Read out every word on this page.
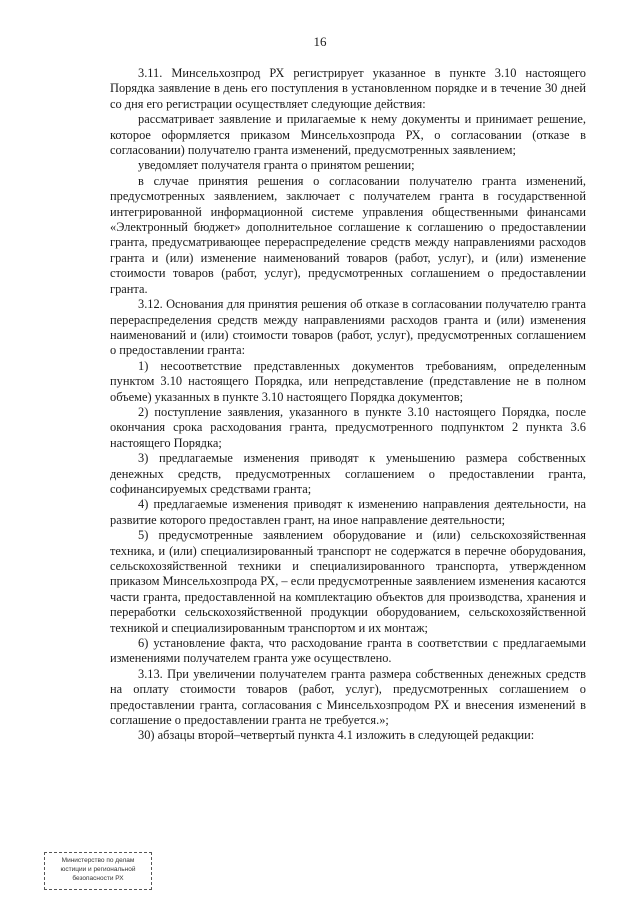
16

3.11. Минсельхозпрод РХ регистрирует указанное в пункте 3.10 настоящего Порядка заявление в день его поступления в установленном порядке и в течение 30 дней со дня его регистрации осуществляет следующие действия:

рассматривает заявление и прилагаемые к нему документы и принимает решение, которое оформляется приказом Минсельхозпрода РХ, о согласовании (отказе в согласовании) получателю гранта изменений, предусмотренных заявлением;

уведомляет получателя гранта о принятом решении;

в случае принятия решения о согласовании получателю гранта изменений, предусмотренных заявлением, заключает с получателем гранта в государственной интегрированной информационной системе управления общественными финансами «Электронный бюджет» дополнительное соглашение к соглашению о предоставлении гранта, предусматривающее перераспределение средств между направлениями расходов гранта и (или) изменение наименований товаров (работ, услуг), и (или) изменение стоимости товаров (работ, услуг), предусмотренных соглашением о предоставлении гранта.

3.12. Основания для принятия решения об отказе в согласовании получателю гранта перераспределения средств между направлениями расходов гранта и (или) изменения наименований и (или) стоимости товаров (работ, услуг), предусмотренных соглашением о предоставлении гранта:

1) несоответствие представленных документов требованиям, определенным пунктом 3.10 настоящего Порядка, или непредставление (представление не в полном объеме) указанных в пункте 3.10 настоящего Порядка документов;

2) поступление заявления, указанного в пункте 3.10 настоящего Порядка, после окончания срока расходования гранта, предусмотренного подпунктом 2 пункта 3.6 настоящего Порядка;

3) предлагаемые изменения приводят к уменьшению размера собственных денежных средств, предусмотренных соглашением о предоставлении гранта, софинансируемых средствами гранта;

4) предлагаемые изменения приводят к изменению направления деятельности, на развитие которого предоставлен грант, на иное направление деятельности;

5) предусмотренные заявлением оборудование и (или) сельскохозяйственная техника, и (или) специализированный транспорт не содержатся в перечне оборудования, сельскохозяйственной техники и специализированного транспорта, утвержденном приказом Минсельхозпрода РХ, – если предусмотренные заявлением изменения касаются части гранта, предоставленной на комплектацию объектов для производства, хранения и переработки сельскохозяйственной продукции оборудованием, сельскохозяйственной техникой и специализированным транспортом и их монтаж;

6) установление факта, что расходование гранта в соответствии с предлагаемыми изменениями получателем гранта уже осуществлено.

3.13. При увеличении получателем гранта размера собственных денежных средств на оплату стоимости товаров (работ, услуг), предусмотренных соглашением о предоставлении гранта, согласования с Минсельхозпродом РХ и внесения изменений в соглашение о предоставлении гранта не требуется.»;

30) абзацы второй–четвертый пункта 4.1 изложить в следующей редакции:

Министерство по делам
юстиции и региональной
безопасности РХ
